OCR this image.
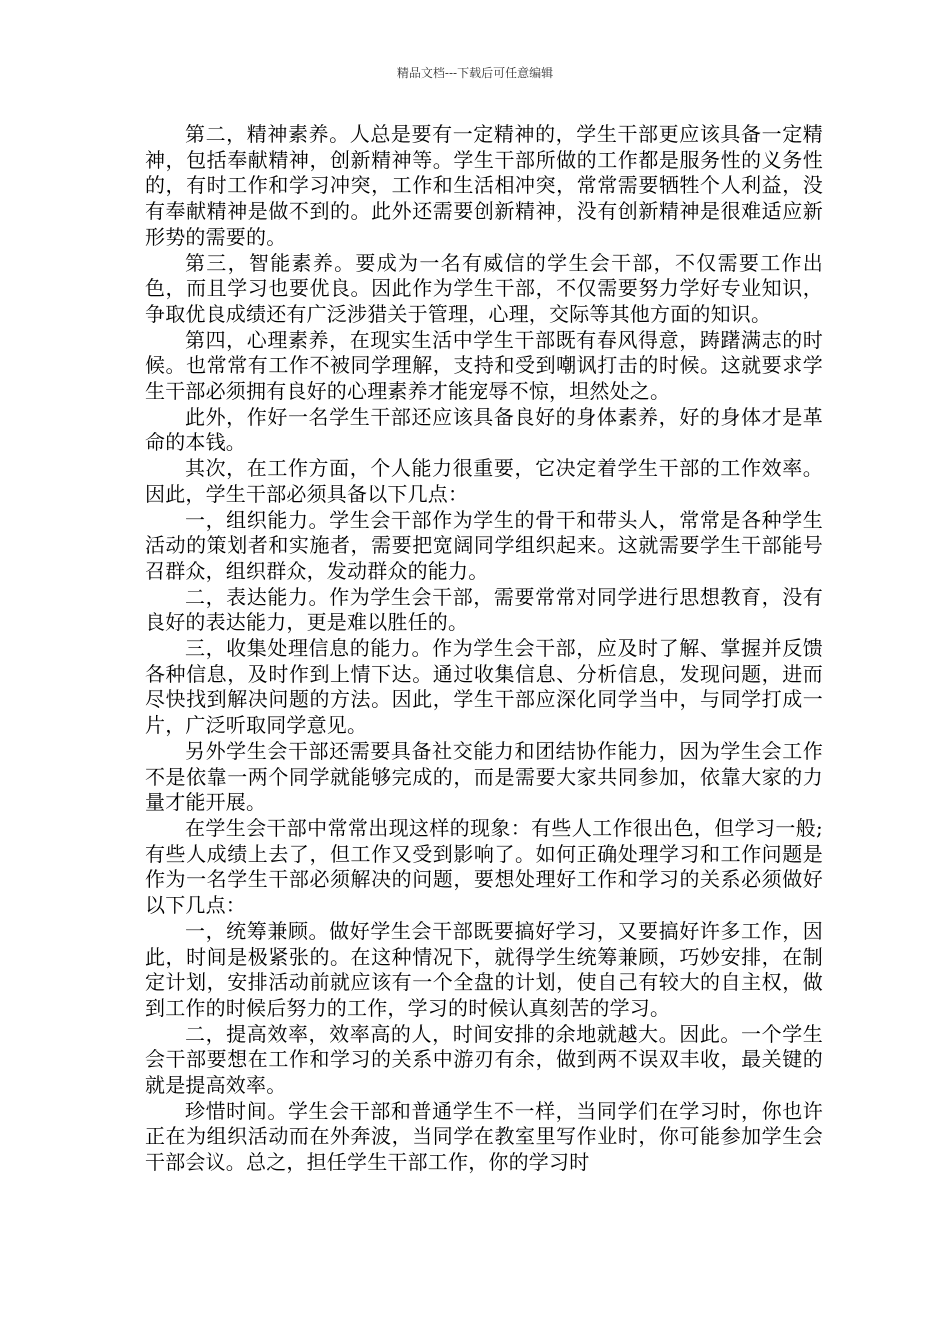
精品文档---下载后可任意编辑

第二，精神素养。人总是要有一定精神的，学生干部更应该具备一定精神，包括奉献精神，创新精神等。学生干部所做的工作都是服务性的义务性的，有时工作和学习冲突，工作和生活相冲突，常常需要牺牲个人利益，没有奉献精神是做不到的。此外还需要创新精神，没有创新精神是很难适应新形势的需要的。

第三，智能素养。要成为一名有威信的学生会干部，不仅需要工作出色，而且学习也要优良。因此作为学生干部，不仅需要努力学好专业知识，争取优良成绩还有广泛涉猎关于管理，心理，交际等其他方面的知识。

第四，心理素养，在现实生活中学生干部既有春风得意，踌躇满志的时候。也常常有工作不被同学理解，支持和受到嘲讽打击的时候。这就要求学生干部必须拥有良好的心理素养才能宠辱不惊，坦然处之。

此外，作好一名学生干部还应该具备良好的身体素养，好的身体才是革命的本钱。

其次，在工作方面，个人能力很重要，它决定着学生干部的工作效率。因此，学生干部必须具备以下几点：

一，组织能力。学生会干部作为学生的骨干和带头人，常常是各种学生活动的策划者和实施者，需要把宽阔同学组织起来。这就需要学生干部能号召群众，组织群众，发动群众的能力。

二，表达能力。作为学生会干部，需要常常对同学进行思想教育，没有良好的表达能力，更是难以胜任的。

三，收集处理信息的能力。作为学生会干部，应及时了解、掌握并反馈各种信息，及时作到上情下达。通过收集信息、分析信息，发现问题，进而尽快找到解决问题的方法。因此，学生干部应深化同学当中，与同学打成一片，广泛听取同学意见。

另外学生会干部还需要具备社交能力和团结协作能力，因为学生会工作不是依靠一两个同学就能够完成的，而是需要大家共同参加，依靠大家的力量才能开展。

在学生会干部中常常出现这样的现象：有些人工作很出色，但学习一般;有些人成绩上去了，但工作又受到影响了。如何正确处理学习和工作问题是作为一名学生干部必须解决的问题，要想处理好工作和学习的关系必须做好以下几点：

一，统筹兼顾。做好学生会干部既要搞好学习，又要搞好许多工作，因此，时间是极紧张的。在这种情况下，就得学生统筹兼顾，巧妙安排，在制定计划，安排活动前就应该有一个全盘的计划，使自己有较大的自主权，做到工作的时候后努力的工作，学习的时候认真刻苦的学习。

二，提高效率，效率高的人，时间安排的余地就越大。因此。一个学生会干部要想在工作和学习的关系中游刃有余，做到两不误双丰收，最关键的就是提高效率。

珍惜时间。学生会干部和普通学生不一样，当同学们在学习时，你也许正在为组织活动而在外奔波，当同学在教室里写作业时，你可能参加学生会干部会议。总之，担任学生干部工作，你的学习时
